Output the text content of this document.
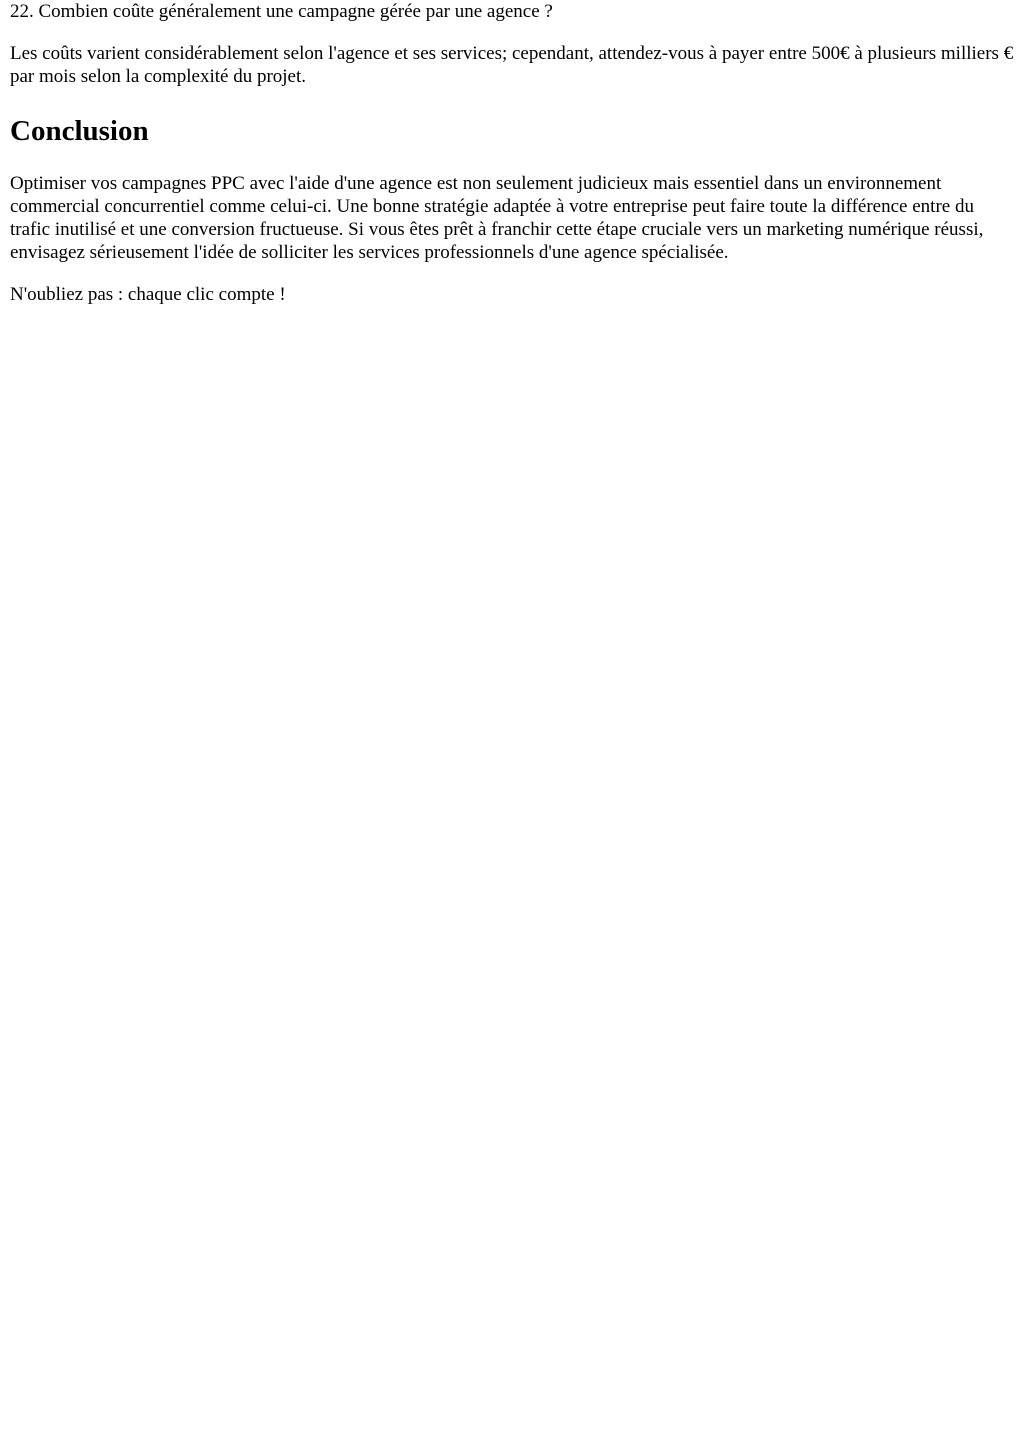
22. Combien coûte généralement une campagne gérée par une agence ?

Les coûts varient considérablement selon l'agence et ses services; cependant, attendez-vous à payer entre 500€ à plusieurs milliers € par mois selon la complexité du projet.

Conclusion

Optimiser vos campagnes PPC avec l'aide d'une agence est non seulement judicieux mais essentiel dans un environnement commercial concurrentiel comme celui-ci. Une bonne stratégie adaptée à votre entreprise peut faire toute la différence entre du trafic inutilisé et une conversion fructueuse. Si vous êtes prêt à franchir cette étape cruciale vers un marketing numérique réussi, envisagez sérieusement l'idée de solliciter les services professionnels d'une agence spécialisée.

N'oubliez pas : chaque clic compte !
